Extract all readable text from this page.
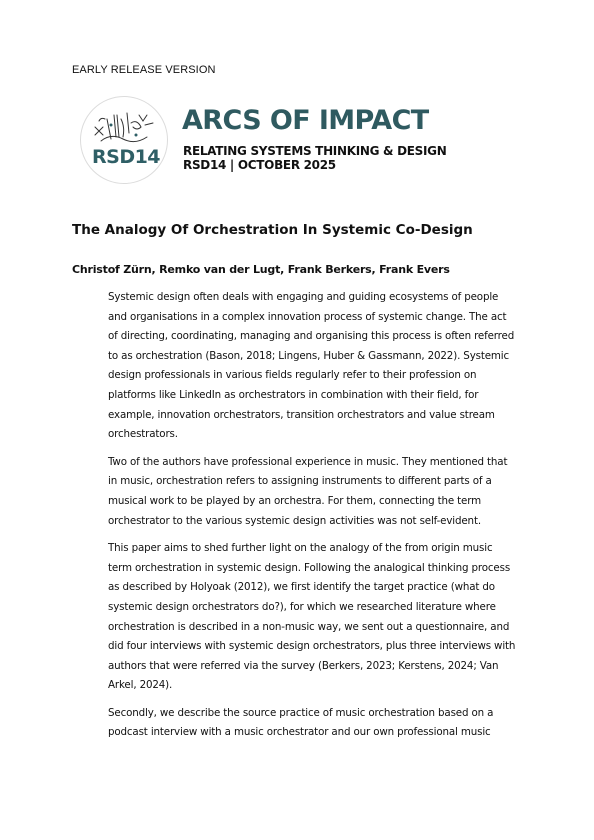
EARLY RELEASE VERSION
RSD14
ARCS OF IMPACT
RELATING SYSTEMS THINKING & DESIGN
RSD14 | OCTOBER 2025
The Analogy Of Orchestration In Systemic Co-Design
Christof Zürn, Remko van der Lugt, Frank Berkers, Frank Evers

Systemic design often deals with engaging and guiding ecosystems of people
and organisations in a complex innovation process of systemic change. The act
of directing, coordinating, managing and organising this process is often referred
to as orchestration (Bason, 2018; Lingens, Huber & Gassmann, 2022). Systemic
design professionals in various fields regularly refer to their profession on
platforms like LinkedIn as orchestrators in combination with their field, for
example, innovation orchestrators, transition orchestrators and value stream
orchestrators.

Two of the authors have professional experience in music. They mentioned that
in music, orchestration refers to assigning instruments to different parts of a
musical work to be played by an orchestra. For them, connecting the term
orchestrator to the various systemic design activities was not self-evident.

This paper aims to shed further light on the analogy of the from origin music
term orchestration in systemic design. Following the analogical thinking process
as described by Holyoak (2012), we first identify the target practice (what do
systemic design orchestrators do?), for which we researched literature where
orchestration is described in a non-music way, we sent out a questionnaire, and
did four interviews with systemic design orchestrators, plus three interviews with
authors that were referred via the survey (Berkers, 2023; Kerstens, 2024; Van
Arkel, 2024).

Secondly, we describe the source practice of music orchestration based on a
podcast interview with a music orchestrator and our own professional music
